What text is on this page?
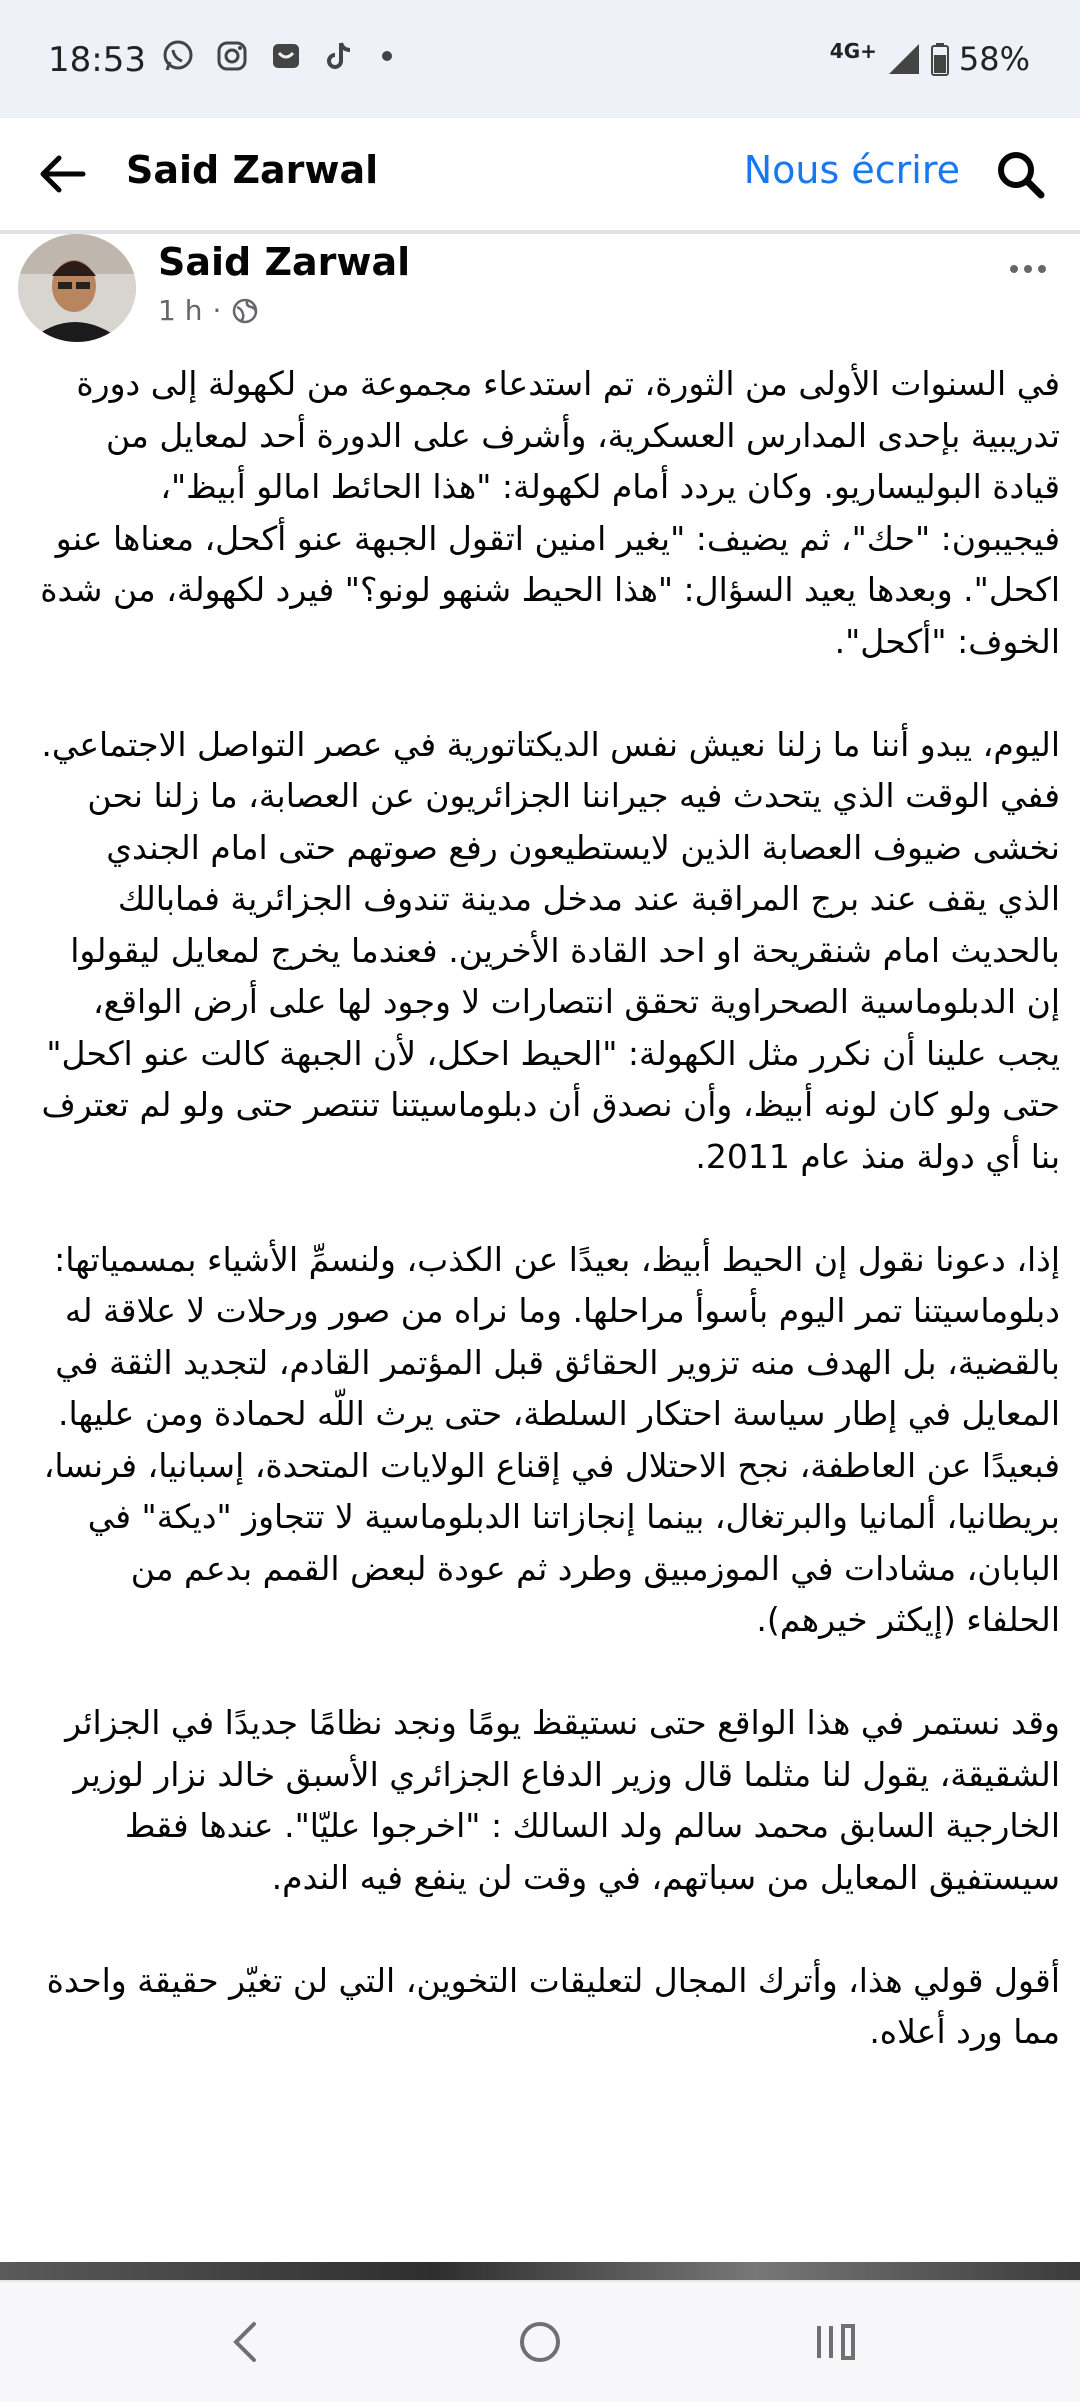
18:53	4G+	58%
Said Zarwal	Nous écrire
Said Zarwal
1 h ·

في السنوات الأولى من الثورة، تم استدعاء مجموعة من لكهولة إلى دورة تدريبية بإحدى المدارس العسكرية، وأشرف على الدورة أحد لمعايل من قيادة البوليساريو. وكان يردد أمام لكهولة: "هذا الحائط امالو أبيظ"، فيجيبون: "حك"، ثم يضيف: "يغير امنين اتقول الجبهة عنو أكحل، معناها عنو اكحل". وبعدها يعيد السؤال: "هذا الحيط شنهو لونو؟" فيرد لكهولة، من شدة الخوف: "أكحل".

اليوم، يبدو أننا ما زلنا نعيش نفس الديكتاتورية في عصر التواصل الاجتماعي. ففي الوقت الذي يتحدث فيه جيراننا الجزائريون عن العصابة، ما زلنا نحن نخشى ضيوف العصابة الذين لايستطيعون رفع صوتهم حتى امام الجندي الذي يقف عند برج المراقبة عند مدخل مدينة تندوف الجزائرية فمابالك بالحديث امام شنقريحة او احد القادة الأخرين. فعندما يخرج لمعايل ليقولوا إن الدبلوماسية الصحراوية تحقق انتصارات لا وجود لها على أرض الواقع، يجب علينا أن نكرر مثل الكهولة: "الحيط احكل، لأن الجبهة كالت عنو اكحل" حتى ولو كان لونه أبيظ، وأن نصدق أن دبلوماسيتنا تنتصر حتى ولو لم تعترف بنا أي دولة منذ عام 2011.

إذا، دعونا نقول إن الحيط أبيظ، بعيدًا عن الكذب، ولنسمِّ الأشياء بمسمياتها: دبلوماسيتنا تمر اليوم بأسوأ مراحلها. وما نراه من صور ورحلات لا علاقة له بالقضية، بل الهدف منه تزوير الحقائق قبل المؤتمر القادم، لتجديد الثقة في المعايل في إطار سياسة احتكار السلطة، حتى يرث اللّه لحمادة ومن عليها. فبعيدًا عن العاطفة، نجح الاحتلال في إقناع الولايات المتحدة، إسبانيا، فرنسا، بريطانيا، ألمانيا والبرتغال، بينما إنجازاتنا الدبلوماسية لا تتجاوز "ديكة" في البابان، مشادات في الموزمبيق وطرد ثم عودة لبعض القمم بدعم من الحلفاء (إيكثر خيرهم).

وقد نستمر في هذا الواقع حتى نستيقظ يومًا ونجد نظامًا جديدًا في الجزائر الشقيقة، يقول لنا مثلما قال وزير الدفاع الجزائري الأسبق خالد نزار لوزير الخارجية السابق محمد سالم ولد السالك : "اخرجوا عليّا". عندها فقط سيستفيق المعايل من سباتهم، في وقت لن ينفع فيه الندم.

أقول قولي هذا، وأترك المجال لتعليقات التخوين، التي لن تغيّر حقيقة واحدة مما ورد أعلاه.
